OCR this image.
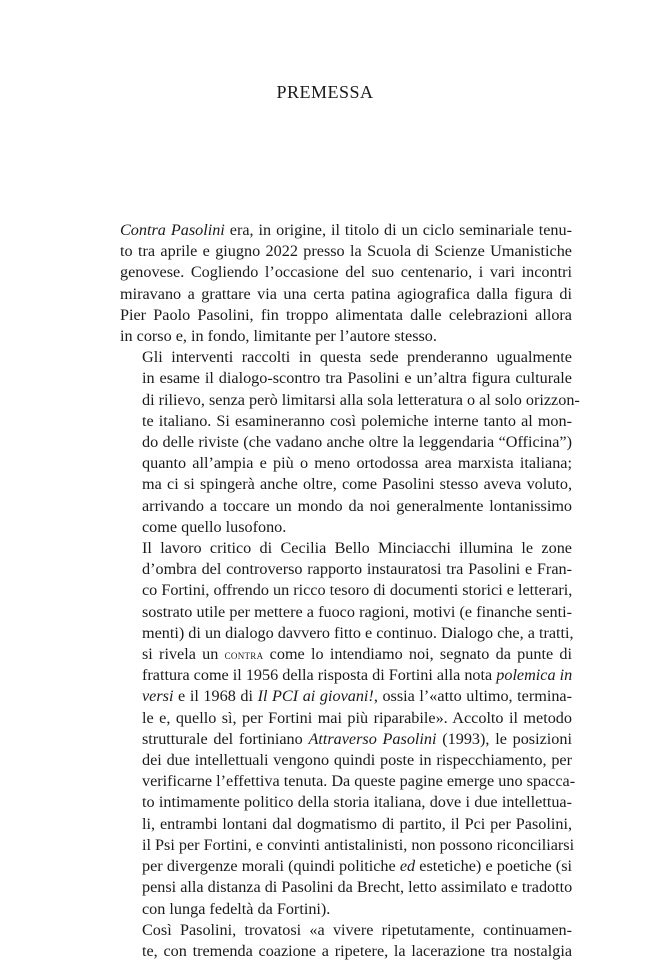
PREMESSA

Contra Pasolini era, in origine, il titolo di un ciclo seminariale tenu-
to tra aprile e giugno 2022 presso la Scuola di Scienze Umanistiche
genovese. Cogliendo l’occasione del suo centenario, i vari incontri
miravano a grattare via una certa patina agiografica dalla figura di
Pier Paolo Pasolini, fin troppo alimentata dalle celebrazioni allora
in corso e, in fondo, limitante per l’autore stesso.

Gli interventi raccolti in questa sede prenderanno ugualmente
in esame il dialogo-scontro tra Pasolini e un’altra figura culturale
di rilievo, senza però limitarsi alla sola letteratura o al solo orizzon-
te italiano. Si esamineranno così polemiche interne tanto al mon-
do delle riviste (che vadano anche oltre la leggendaria “Officina”)
quanto all’ampia e più o meno ortodossa area marxista italiana;
ma ci si spingerà anche oltre, come Pasolini stesso aveva voluto,
arrivando a toccare un mondo da noi generalmente lontanissimo
come quello lusofono.

Il lavoro critico di Cecilia Bello Minciacchi illumina le zone
d’ombra del controverso rapporto instauratosi tra Pasolini e Fran-
co Fortini, offrendo un ricco tesoro di documenti storici e letterari,
sostrato utile per mettere a fuoco ragioni, motivi (e finanche senti-
menti) di un dialogo davvero fitto e continuo. Dialogo che, a tratti,
si rivela un contra come lo intendiamo noi, segnato da punte di
frattura come il 1956 della risposta di Fortini alla nota polemica in
versi e il 1968 di Il PCI ai giovani!, ossia l’«atto ultimo, termina-
le e, quello sì, per Fortini mai più riparabile». Accolto il metodo
strutturale del fortiniano Attraverso Pasolini (1993), le posizioni
dei due intellettuali vengono quindi poste in rispecchiamento, per
verificarne l’effettiva tenuta. Da queste pagine emerge uno spacca-
to intimamente politico della storia italiana, dove i due intellettua-
li, entrambi lontani dal dogmatismo di partito, il Pci per Pasolini,
il Psi per Fortini, e convinti antistalinisti, non possono riconciliarsi
per divergenze morali (quindi politiche ed estetiche) e poetiche (si
pensi alla distanza di Pasolini da Brecht, letto assimilato e tradotto
con lunga fedeltà da Fortini).

Così Pasolini, trovatosi «a vivere ripetutamente, continuamen-
te, con tremenda coazione a ripetere, la lacerazione tra nostalgia
